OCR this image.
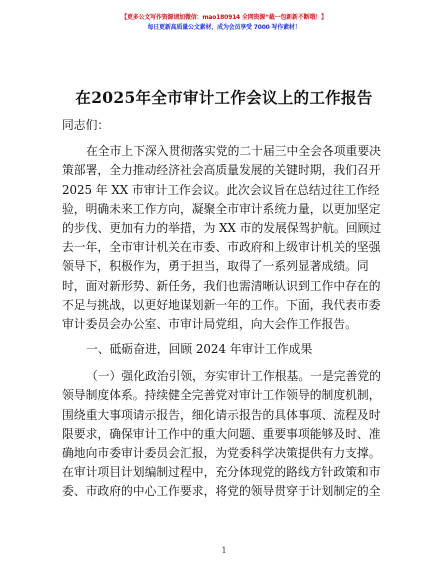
【更多公文写作资源请加微信：mao180914 全网资源“截一包新新不断哦！】
每日更新高质量公文素材，成为会员享受 7000 写作素材！
在2025年全市审计工作会议上的工作报告
同志们：
在全市上下深入贯彻落实党的二十届三中全会各项重要决
策部署，全力推动经济社会高质量发展的关键时期，我们召开
2025 年 XX 市审计工作会议。此次会议旨在总结过往工作经
验，明确未来工作方向，凝聚全市审计系统力量，以更加坚定
的步伐、更加有力的举措，为 XX 市的发展保驾护航。回顾过
去一年，全市审计机关在市委、市政府和上级审计机关的坚强
领导下，积极作为，勇于担当，取得了一系列显著成绩。同
时，面对新形势、新任务，我们也需清晰认识到工作中存在的
不足与挑战，以更好地谋划新一年的工作。下面，我代表市委
审计委员会办公室、市审计局党组，向大会作工作报告。
一、砥砺奋进，回顾 2024 年审计工作成果
（一）强化政治引领，夯实审计工作根基。一是完善党的
领导制度体系。持续健全完善党对审计工作领导的制度机制，
围绕重大事项请示报告，细化请示报告的具体事项、流程及时
限要求，确保审计工作中的重大问题、重要事项能够及时、准
确地向市委审计委员会汇报，为党委科学决策提供有力支撑。
在审计项目计划编制过程中，充分体现党的路线方针政策和市
委、市政府的中心工作要求，将党的领导贯穿于计划制定的全
1
